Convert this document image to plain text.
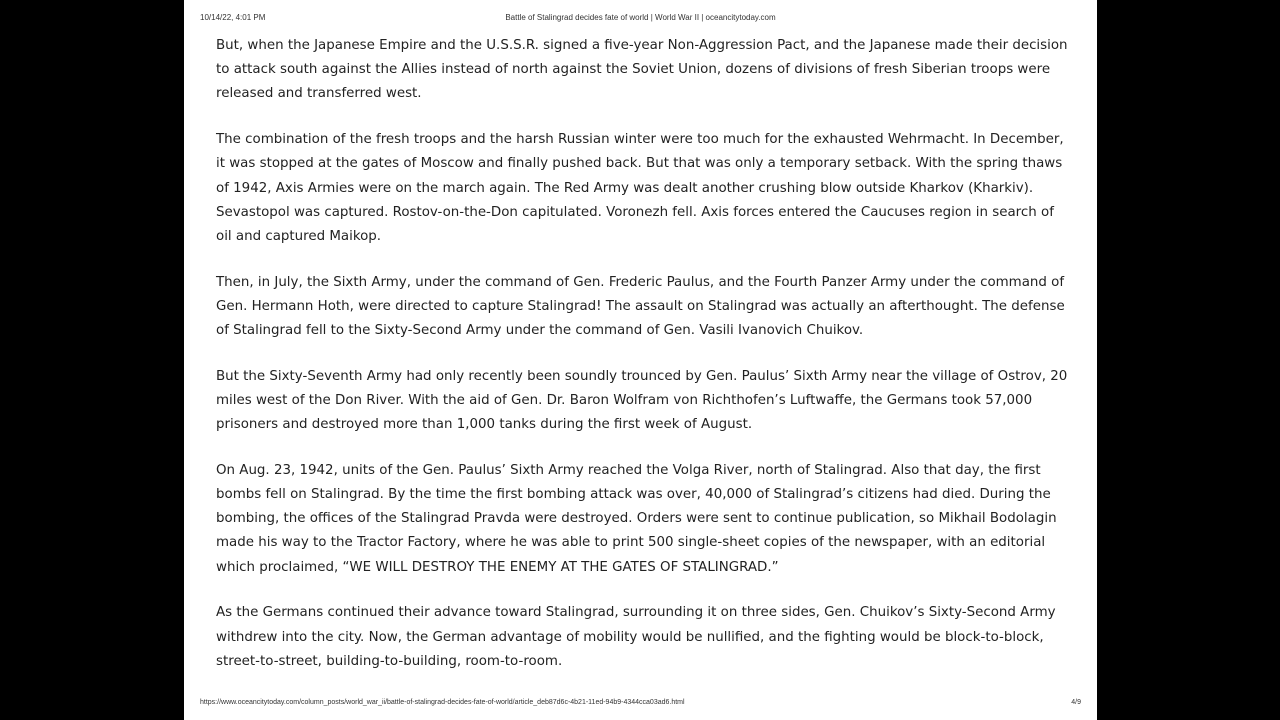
10/14/22, 4:01 PM	Battle of Stalingrad decides fate of world | World War II | oceancitytoday.com

But, when the Japanese Empire and the U.S.S.R. signed a five-year Non-Aggression Pact, and the Japanese made their decision to attack south against the Allies instead of north against the Soviet Union, dozens of divisions of fresh Siberian troops were released and transferred west.

The combination of the fresh troops and the harsh Russian winter were too much for the exhausted Wehrmacht. In December, it was stopped at the gates of Moscow and finally pushed back. But that was only a temporary setback. With the spring thaws of 1942, Axis Armies were on the march again. The Red Army was dealt another crushing blow outside Kharkov (Kharkiv). Sevastopol was captured. Rostov-on-the-Don capitulated. Voronezh fell. Axis forces entered the Caucuses region in search of oil and captured Maikop.

Then, in July, the Sixth Army, under the command of Gen. Frederic Paulus, and the Fourth Panzer Army under the command of Gen. Hermann Hoth, were directed to capture Stalingrad! The assault on Stalingrad was actually an afterthought. The defense of Stalingrad fell to the Sixty-Second Army under the command of Gen. Vasili Ivanovich Chuikov.

But the Sixty-Seventh Army had only recently been soundly trounced by Gen. Paulus’ Sixth Army near the village of Ostrov, 20 miles west of the Don River. With the aid of Gen. Dr. Baron Wolfram von Richthofen’s Luftwaffe, the Germans took 57,000 prisoners and destroyed more than 1,000 tanks during the first week of August.

On Aug. 23, 1942, units of the Gen. Paulus’ Sixth Army reached the Volga River, north of Stalingrad. Also that day, the first bombs fell on Stalingrad. By the time the first bombing attack was over, 40,000 of Stalingrad’s citizens had died. During the bombing, the offices of the Stalingrad Pravda were destroyed. Orders were sent to continue publication, so Mikhail Bodolagin made his way to the Tractor Factory, where he was able to print 500 single-sheet copies of the newspaper, with an editorial which proclaimed, “WE WILL DESTROY THE ENEMY AT THE GATES OF STALINGRAD.”

As the Germans continued their advance toward Stalingrad, surrounding it on three sides, Gen. Chuikov’s Sixty-Second Army withdrew into the city. Now, the German advantage of mobility would be nullified, and the fighting would be block-to-block, street-to-street, building-to-building, room-to-room.

https://www.oceancitytoday.com/column_posts/world_war_ii/battle-of-stalingrad-decides-fate-of-world/article_deb87d6c-4b21-11ed-94b9-4344cca03ad6.html	4/9
